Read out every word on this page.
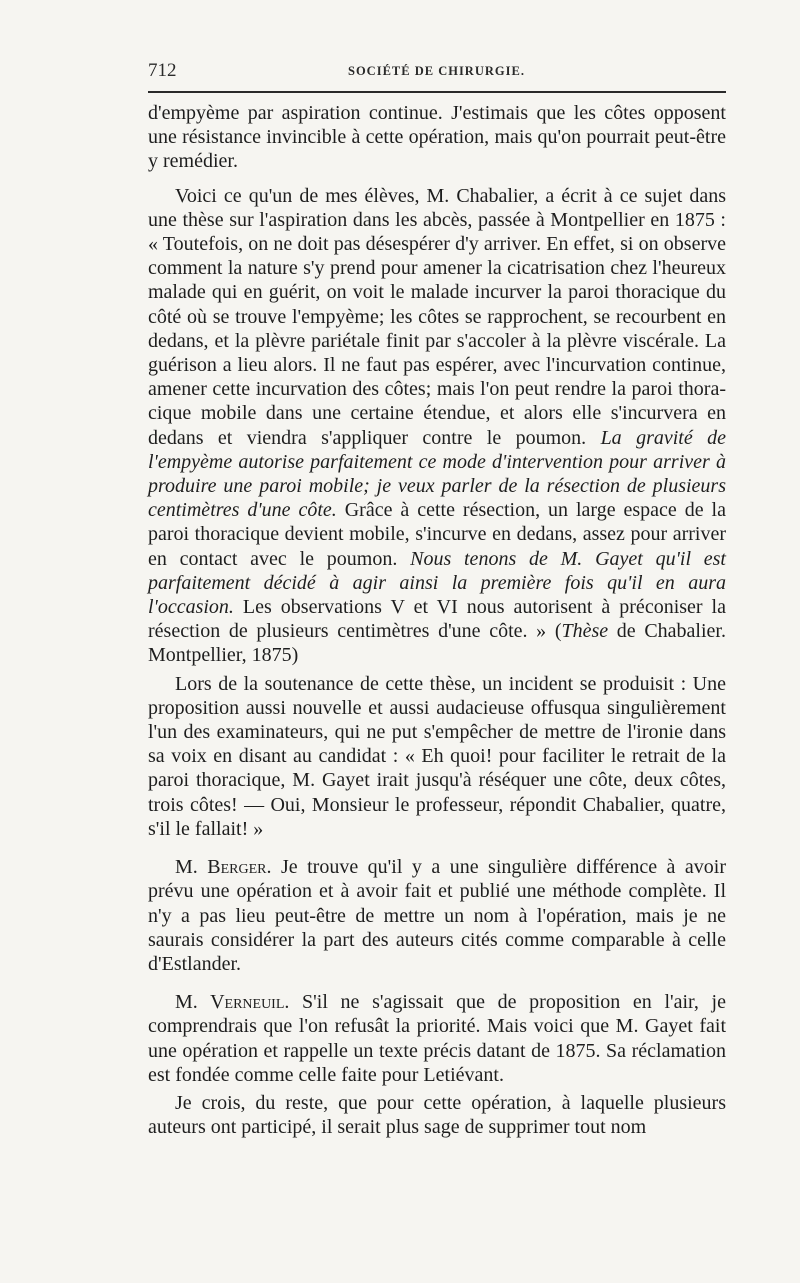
712	SOCIÉTÉ DE CHIRURGIE.

d'empyème par aspiration continue. J'estimais que les côtes opposent une résistance invincible à cette opération, mais qu'on pourrait peut-être y remédier.

Voici ce qu'un de mes élèves, M. Chabalier, a écrit à ce sujet dans une thèse sur l'aspiration dans les abcès, passée à Montpellier en 1875 : « Toutefois, on ne doit pas désespérer d'y arriver. En effet, si on observe comment la nature s'y prend pour amener la cicatrisation chez l'heureux malade qui en guérit, on voit le malade incurver la paroi thoracique du côté où se trouve l'empyème; les côtes se rapprochent, se recourbent en dedans, et la plèvre pariétale finit par s'accoler à la plèvre viscérale. La guérison a lieu alors. Il ne faut pas espérer, avec l'incurvation continue, amener cette incurvation des côtes; mais l'on peut rendre la paroi thoracique mobile dans une certaine étendue, et alors elle s'incurvera en dedans et viendra s'appliquer contre le poumon. La gravité de l'empyème autorise parfaitement ce mode d'intervention pour arriver à produire une paroi mobile; je veux parler de la résection de plusieurs centimètres d'une côte. Grâce à cette résection, un large espace de la paroi thoracique devient mobile, s'incurve en dedans, assez pour arriver en contact avec le poumon. Nous tenons de M. Gayet qu'il est parfaitement décidé à agir ainsi la première fois qu'il en aura l'occasion. Les observations V et VI nous autorisent à préconiser la résection de plusieurs centimètres d'une côte. » (Thèse de Chabalier. Montpellier, 1875)

Lors de la soutenance de cette thèse, un incident se produisit : Une proposition aussi nouvelle et aussi audacieuse offusqua singulièrement l'un des examinateurs, qui ne put s'empêcher de mettre de l'ironie dans sa voix en disant au candidat : « Eh quoi! pour faciliter le retrait de la paroi thoracique, M. Gayet irait jusqu'à réséquer une côte, deux côtes, trois côtes! — Oui, Monsieur le professeur, répondit Chabalier, quatre, s'il le fallait! »

M. Berger. Je trouve qu'il y a une singulière différence à avoir prévu une opération et à avoir fait et publié une méthode complète. Il n'y a pas lieu peut-être de mettre un nom à l'opération, mais je ne saurais considérer la part des auteurs cités comme comparable à celle d'Estlander.

M. Verneuil. S'il ne s'agissait que de proposition en l'air, je comprendrais que l'on refusât la priorité. Mais voici que M. Gayet fait une opération et rappelle un texte précis datant de 1875. Sa réclamation est fondée comme celle faite pour Letiévant.

Je crois, du reste, que pour cette opération, à laquelle plusieurs auteurs ont participé, il serait plus sage de supprimer tout nom
